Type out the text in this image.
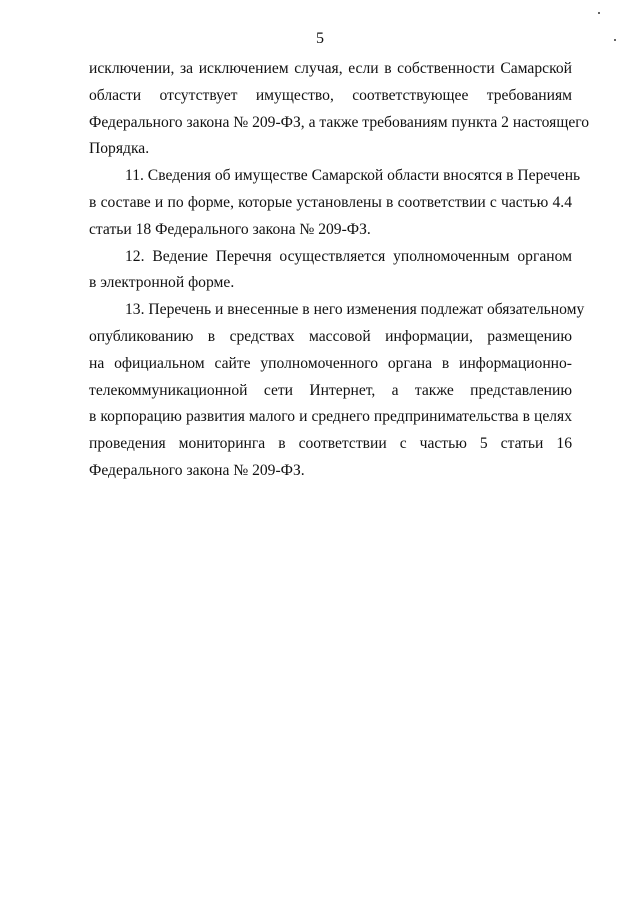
5
исключении, за исключением случая, если в собственности Самарской
области отсутствует имущество, соответствующее требованиям
Федерального закона № 209-ФЗ, а также требованиям пункта 2 настоящего
Порядка.
11. Сведения об имуществе Самарской области вносятся в Перечень
в составе и по форме, которые установлены в соответствии с частью 4.4
статьи 18 Федерального закона № 209-ФЗ.
12. Ведение Перечня осуществляется уполномоченным органом
в электронной форме.
13. Перечень и внесенные в него изменения подлежат обязательному
опубликованию в средствах массовой информации, размещению
на официальном сайте уполномоченного органа в информационно-
телекоммуникационной сети Интернет, а также представлению
в корпорацию развития малого и среднего предпринимательства в целях
проведения мониторинга в соответствии с частью 5 статьи 16
Федерального закона № 209-ФЗ.
